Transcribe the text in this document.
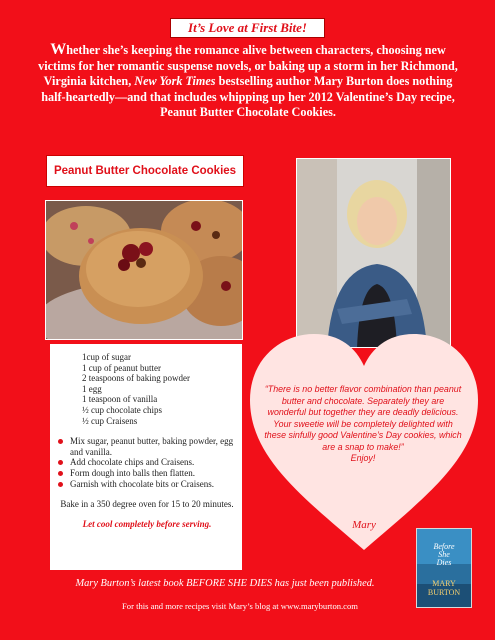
It’s Love at First Bite!
Whether she’s keeping the romance alive between characters, choosing new victims for her romantic suspense novels, or baking up a storm in her Richmond, Virginia kitchen, New York Times bestselling author Mary Burton does nothing half-heartedly—and that includes whipping up her 2012 Valentine’s Day recipe, Peanut Butter Chocolate Cookies.
Peanut Butter Chocolate Cookies
1cup of sugar
1 cup of peanut butter
2 teaspoons of baking powder
1 egg
1 teaspoon of vanilla
½ cup chocolate chips
½ cup Craisens
Mix sugar, peanut butter, baking powder, egg and vanilla.
Add chocolate chips and Craisens.
Form dough into balls then flatten.
Garnish with chocolate bits or Craisens.
Bake in a 350 degree oven for 15 to 20 minutes.
Let cool completely before serving.
“There is no better flavor combination than peanut butter and chocolate. Separately they are wonderful but together they are deadly delicious. Your sweetie will be completely delighted with these sinfully good Valentine’s Day cookies, which are a snap to make!”
Enjoy!
Mary
Before
She
Dies
MARY
BURTON
Mary Burton’s latest book BEFORE SHE DIES has just been published.
For this and more recipes visit Mary’s blog at www.maryburton.com
